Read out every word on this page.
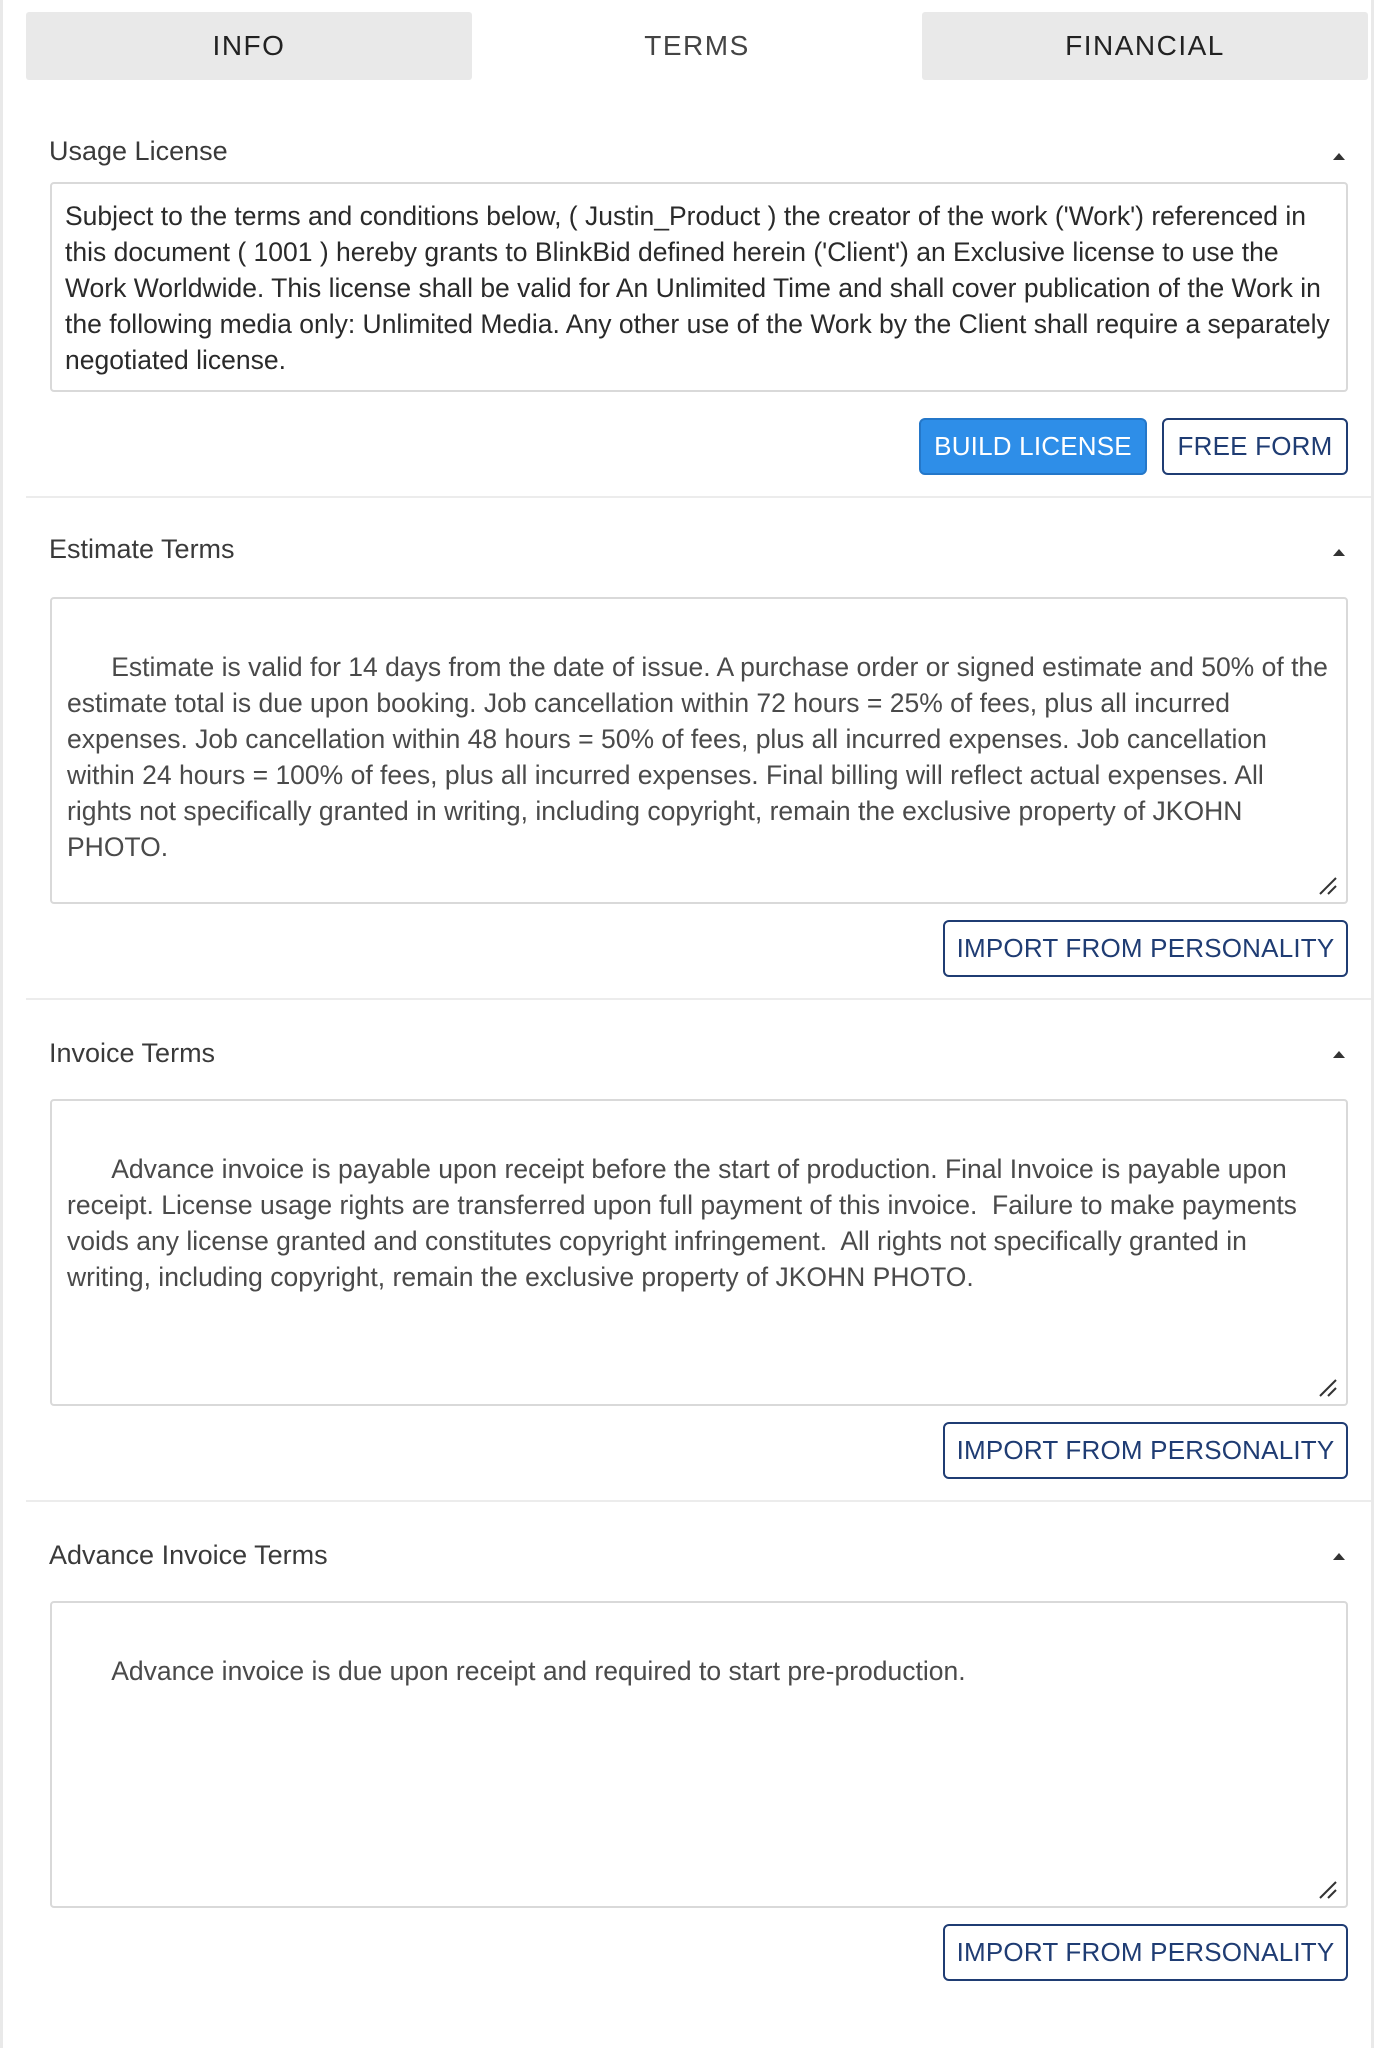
INFO	TERMS	FINANCIAL
Usage License
Subject to the terms and conditions below, ( Justin_Product ) the creator of the work ('Work') referenced in this document ( 1001 ) hereby grants to BlinkBid defined herein ('Client') an Exclusive license to use the Work Worldwide. This license shall be valid for An Unlimited Time and shall cover publication of the Work in the following media only: Unlimited Media. Any other use of the Work by the Client shall require a separately negotiated license.
BUILD LICENSE	FREE FORM
Estimate Terms

Estimate is valid for 14 days from the date of issue. A purchase order or signed estimate and 50% of the estimate total is due upon booking. Job cancellation within 72 hours = 25% of fees, plus all incurred expenses. Job cancellation within 48 hours = 50% of fees, plus all incurred expenses. Job cancellation within 24 hours = 100% of fees, plus all incurred expenses. Final billing will reflect actual expenses. All rights not specifically granted in writing, including copyright, remain the exclusive property of JKOHN PHOTO.

IMPORT FROM PERSONALITY
Invoice Terms

Advance invoice is payable upon receipt before the start of production. Final Invoice is payable upon receipt. License usage rights are transferred upon full payment of this invoice.  Failure to make payments voids any license granted and constitutes copyright infringement.  All rights not specifically granted in writing, including copyright, remain the exclusive property of JKOHN PHOTO.

IMPORT FROM PERSONALITY
Advance Invoice Terms

Advance invoice is due upon receipt and required to start pre-production.

IMPORT FROM PERSONALITY
